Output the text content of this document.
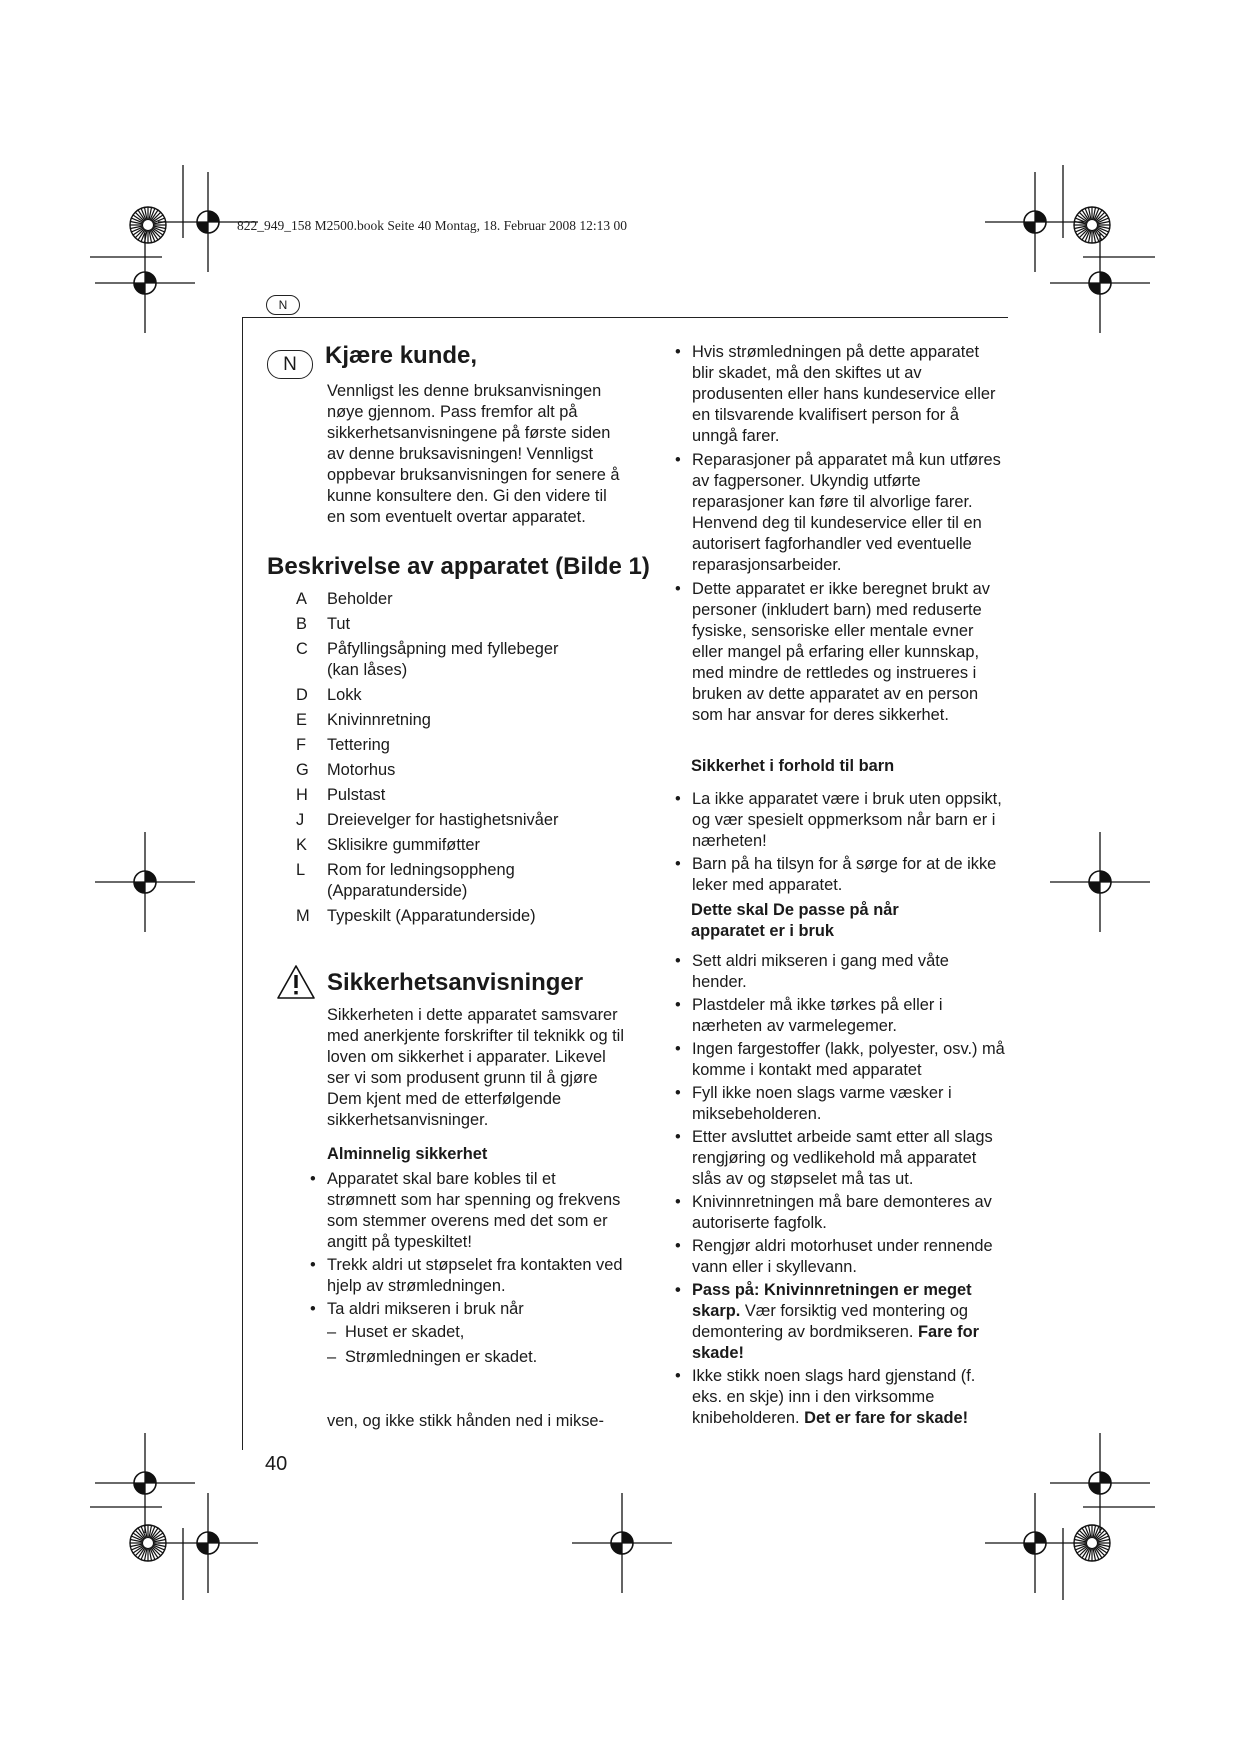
822_949_158 M2500.book Seite 40 Montag, 18. Februar 2008 12:13 00
N
N	Kjære kunde,

Vennligst les denne bruksanvisningen nøye gjennom. Pass fremfor alt på sikkerhetsanvisningene på første siden av denne bruksavisningen! Vennligst oppbevar bruksanvisningen for senere å kunne konsultere den. Gi den videre til en som eventuelt overtar apparatet.

Beskrivelse av apparatet (Bilde 1)
A	Beholder
B	Tut
C	Påfyllingsåpning med fyllebeger (kan låses)
D	Lokk
E	Knivinnretning
F	Tettering
G	Motorhus
H	Pulstast
J	Dreievelger for hastighetsnivåer
K	Sklisikre gummiføtter
L	Rom for ledningsoppheng (Apparatunderside)
M	Typeskilt (Apparatunderside)
Sikkerhetsanvisninger

Sikkerheten i dette apparatet samsvarer med anerkjente forskrifter til teknikk og til loven om sikkerhet i apparater. Likevel ser vi som produsent grunn til å gjøre Dem kjent med de etterfølgende sikkerhetsanvisninger.

Alminnelig sikkerhet
• Apparatet skal bare kobles til et strømnett som har spenning og frekvens som stemmer overens med det som er angitt på typeskiltet!
• Trekk aldri ut støpselet fra kontakten ved hjelp av strømledningen.
• Ta aldri mikseren i bruk når
– Huset er skadet,
– Strømledningen er skadet.
ven, og ikke stikk hånden ned i mikse-
• Hvis strømledningen på dette apparatet blir skadet, må den skiftes ut av produsenten eller hans kundeservice eller en tilsvarende kvalifisert person for å unngå farer.
• Reparasjoner på apparatet må kun utføres av fagpersoner. Ukyndig utførte reparasjoner kan føre til alvorlige farer. Henvend deg til kundeservice eller til en autorisert fagforhandler ved eventuelle reparasjonsarbeider.
• Dette apparatet er ikke beregnet brukt av personer (inkludert barn) med reduserte fysiske, sensoriske eller mentale evner eller mangel på erfaring eller kunnskap, med mindre de rettledes og instrueres i bruken av dette apparatet av en person som har ansvar for deres sikkerhet.
Sikkerhet i forhold til barn
• La ikke apparatet være i bruk uten oppsikt, og vær spesielt oppmerksom når barn er i nærheten!
• Barn på ha tilsyn for å sørge for at de ikke leker med apparatet.
Dette skal De passe på når apparatet er i bruk
• Sett aldri mikseren i gang med våte hender.
• Plastdeler må ikke tørkes på eller i nærheten av varmelegemer.
• Ingen fargestoffer (lakk, polyester, osv.) må komme i kontakt med apparatet
• Fyll ikke noen slags varme væsker i miksebeholderen.
• Etter avsluttet arbeide samt etter all slags rengjøring og vedlikehold må apparatet slås av og støpselet må tas ut.
• Knivinnretningen må bare demonteres av autoriserte fagfolk.
• Rengjør aldri motorhuset under rennende vann eller i skyllevann.
• Pass på: Knivinnretningen er meget skarp. Vær forsiktig ved montering og demontering av bordmikseren. Fare for skade!
• Ikke stikk noen slags hard gjenstand (f. eks. en skje) inn i den virksomme knibeholderen. Det er fare for skade!
40
